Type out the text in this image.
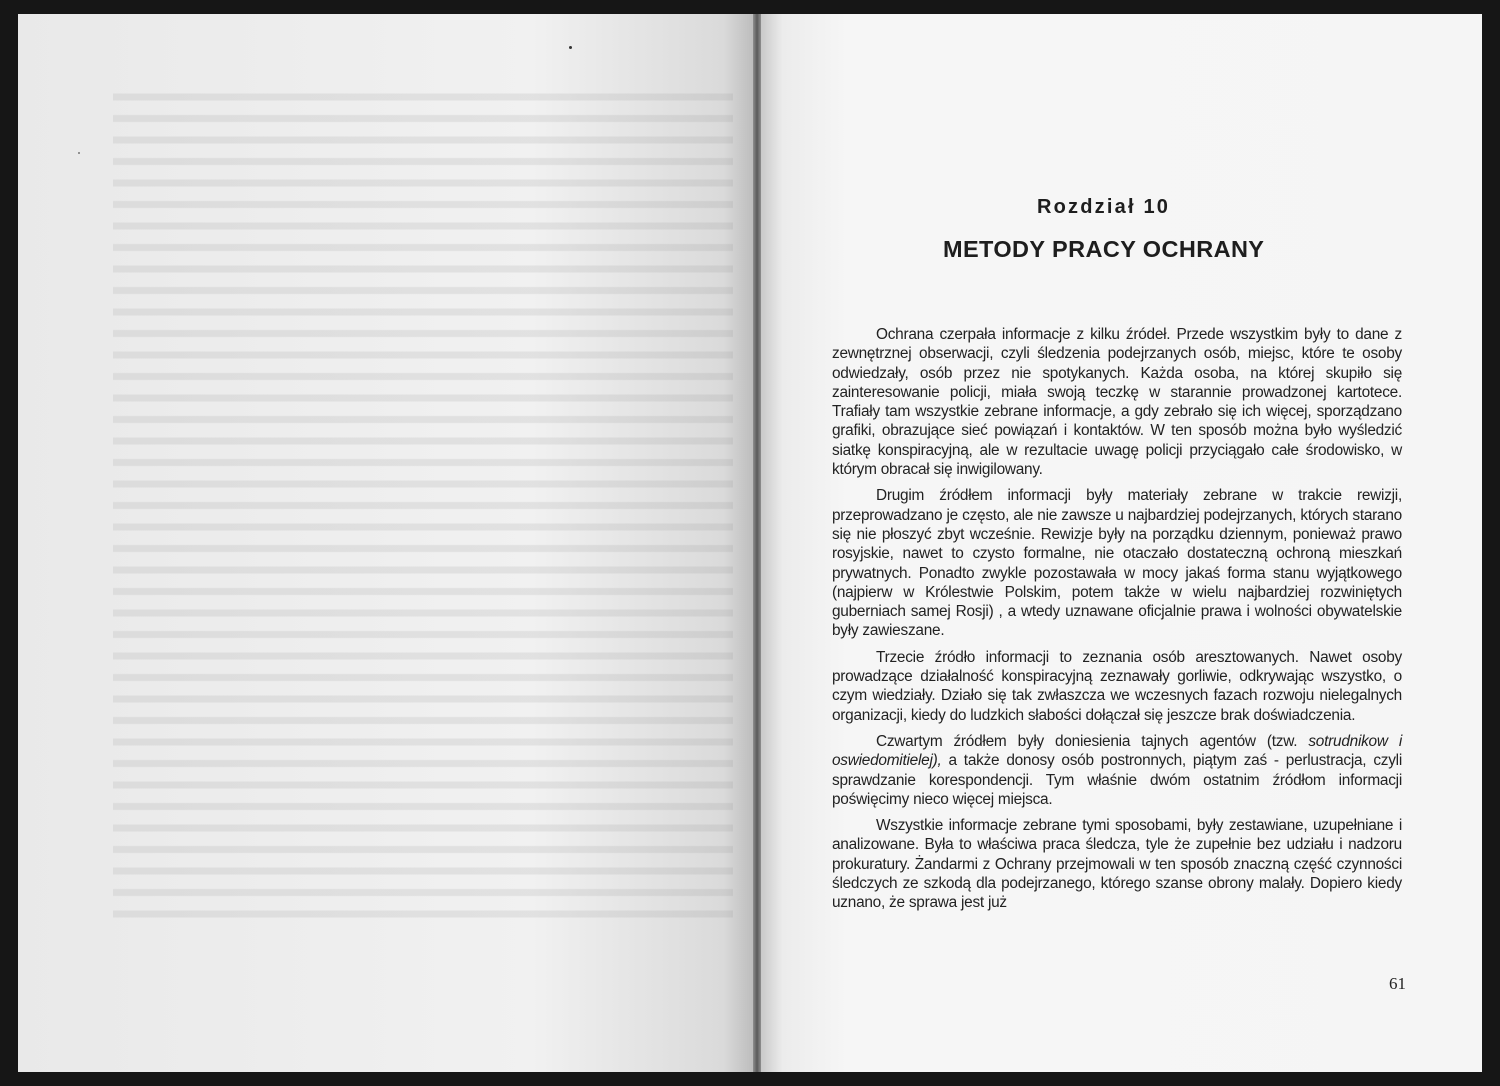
Rozdział 10
METODY PRACY OCHRANY

Ochrana czerpała informacje z kilku źródeł. Przede wszystkim były to dane z zewnętrznej obserwacji, czyli śledzenia podejrzanych osób, miejsc, które te osoby odwiedzały, osób przez nie spotykanych. Każda osoba, na której skupiło się zainteresowanie policji, miała swoją teczkę w starannie prowadzonej kartotece. Trafiały tam wszystkie zebrane informacje, a gdy zebrało się ich więcej, sporządzano grafiki, obrazujące sieć powiązań i kontaktów. W ten sposób można było wyśledzić siatkę konspiracyjną, ale w rezultacie uwagę policji przyciągało całe środowisko, w którym obracał się inwigilowany.

Drugim źródłem informacji były materiały zebrane w trakcie rewizji, przeprowadzano je często, ale nie zawsze u najbardziej podejrzanych, których starano się nie płoszyć zbyt wcześnie. Rewizje były na porządku dziennym, ponieważ prawo rosyjskie, nawet to czysto formalne, nie otaczało dostateczną ochroną mieszkań prywatnych. Ponadto zwykle pozostawała w mocy jakaś forma stanu wyjątkowego (najpierw w Królestwie Polskim, potem także w wielu najbardziej rozwiniętych guberniach samej Rosji) , a wtedy uznawane oficjalnie prawa i wolności obywatelskie były zawieszane.

Trzecie źródło informacji to zeznania osób aresztowanych. Nawet osoby prowadzące działalność konspiracyjną zeznawały gorliwie, odkrywając wszystko, o czym wiedziały. Działo się tak zwłaszcza we wczesnych fazach rozwoju nielegalnych organizacji, kiedy do ludzkich słabości dołączał się jeszcze brak doświadczenia.

Czwartym źródłem były doniesienia tajnych agentów (tzw. sotrudnikow i oswiedomitielej), a także donosy osób postronnych, piątym zaś - perlustracja, czyli sprawdzanie korespondencji. Tym właśnie dwóm ostatnim źródłom informacji poświęcimy nieco więcej miejsca.

Wszystkie informacje zebrane tymi sposobami, były zestawiane, uzupełniane i analizowane. Była to właściwa praca śledcza, tyle że zupełnie bez udziału i nadzoru prokuratury. Żandarmi z Ochrany przejmowali w ten sposób znaczną część czynności śledczych ze szkodą dla podejrzanego, którego szanse obrony malały. Dopiero kiedy uznano, że sprawa jest już

61
